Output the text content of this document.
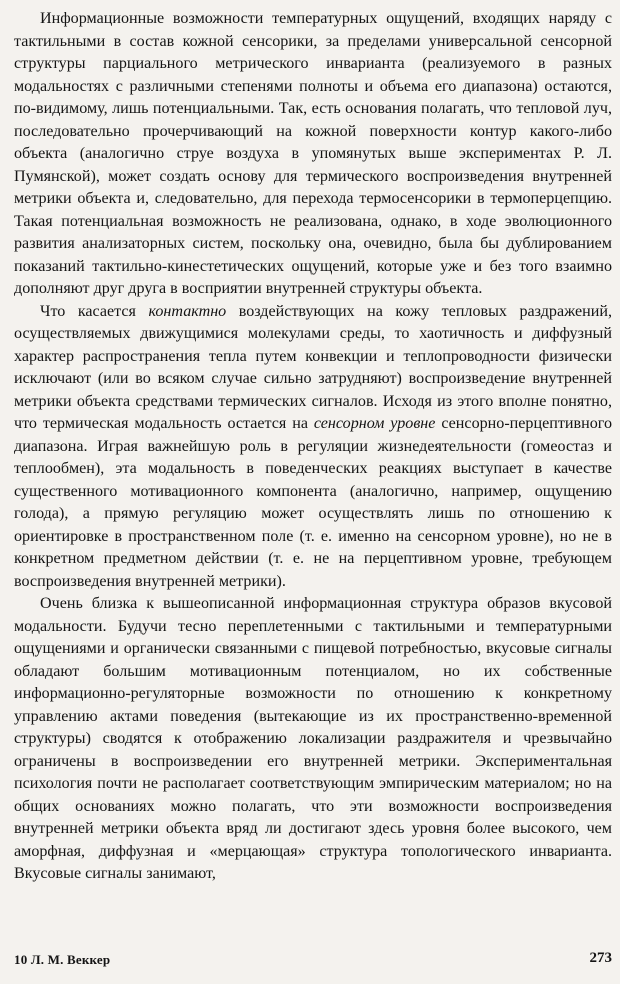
Информационные возможности температурных ощущений, входящих наряду с тактильными в состав кожной сенсорики, за пределами универсальной сенсорной структуры парциального метрического инварианта (реализуемого в разных модальностях с различными степенями полноты и объема его диапазона) остаются, по-видимому, лишь потенциальными. Так, есть основания полагать, что тепловой луч, последовательно прочерчивающий на кожной поверхности контур какого-либо объекта (аналогично струе воздуха в упомянутых выше экспериментах Р. Л. Пумянской), может создать основу для термического воспроизведения внутренней метрики объекта и, следовательно, для перехода термосенсорики в термоперцепцию. Такая потенциальная возможность не реализована, однако, в ходе эволюционного развития анализаторных систем, поскольку она, очевидно, была бы дублированием показаний тактильно-кинестетических ощущений, которые уже и без того взаимно дополняют друг друга в восприятии внутренней структуры объекта.

Что касается контактно воздействующих на кожу тепловых раздражений, осуществляемых движущимися молекулами среды, то хаотичность и диффузный характер распространения тепла путем конвекции и теплопроводности физически исключают (или во всяком случае сильно затрудняют) воспроизведение внутренней метрики объекта средствами термических сигналов. Исходя из этого вполне понятно, что термическая модальность остается на сенсорном уровне сенсорно-перцептивного диапазона. Играя важнейшую роль в регуляции жизнедеятельности (гомеостаз и теплообмен), эта модальность в поведенческих реакциях выступает в качестве существенного мотивационного компонента (аналогично, например, ощущению голода), а прямую регуляцию может осуществлять лишь по отношению к ориентировке в пространственном поле (т. е. именно на сенсорном уровне), но не в конкретном предметном действии (т. е. не на перцептивном уровне, требующем воспроизведения внутренней метрики).

Очень близка к вышеописанной информационная структура образов вкусовой модальности. Будучи тесно переплетенными с тактильными и температурными ощущениями и органически связанными с пищевой потребностью, вкусовые сигналы обладают большим мотивационным потенциалом, но их собственные информационно-регуляторные возможности по отношению к конкретному управлению актами поведения (вытекающие из их пространственно-временной структуры) сводятся к отображению локализации раздражителя и чрезвычайно ограничены в воспроизведении его внутренней метрики. Экспериментальная психология почти не располагает соответствующим эмпирическим материалом; но на общих основаниях можно полагать, что эти возможности воспроизведения внутренней метрики объекта вряд ли достигают здесь уровня более высокого, чем аморфная, диффузная и «мерцающая» структура топологического инварианта. Вкусовые сигналы занимают,

10 Л. М. Веккер	273
